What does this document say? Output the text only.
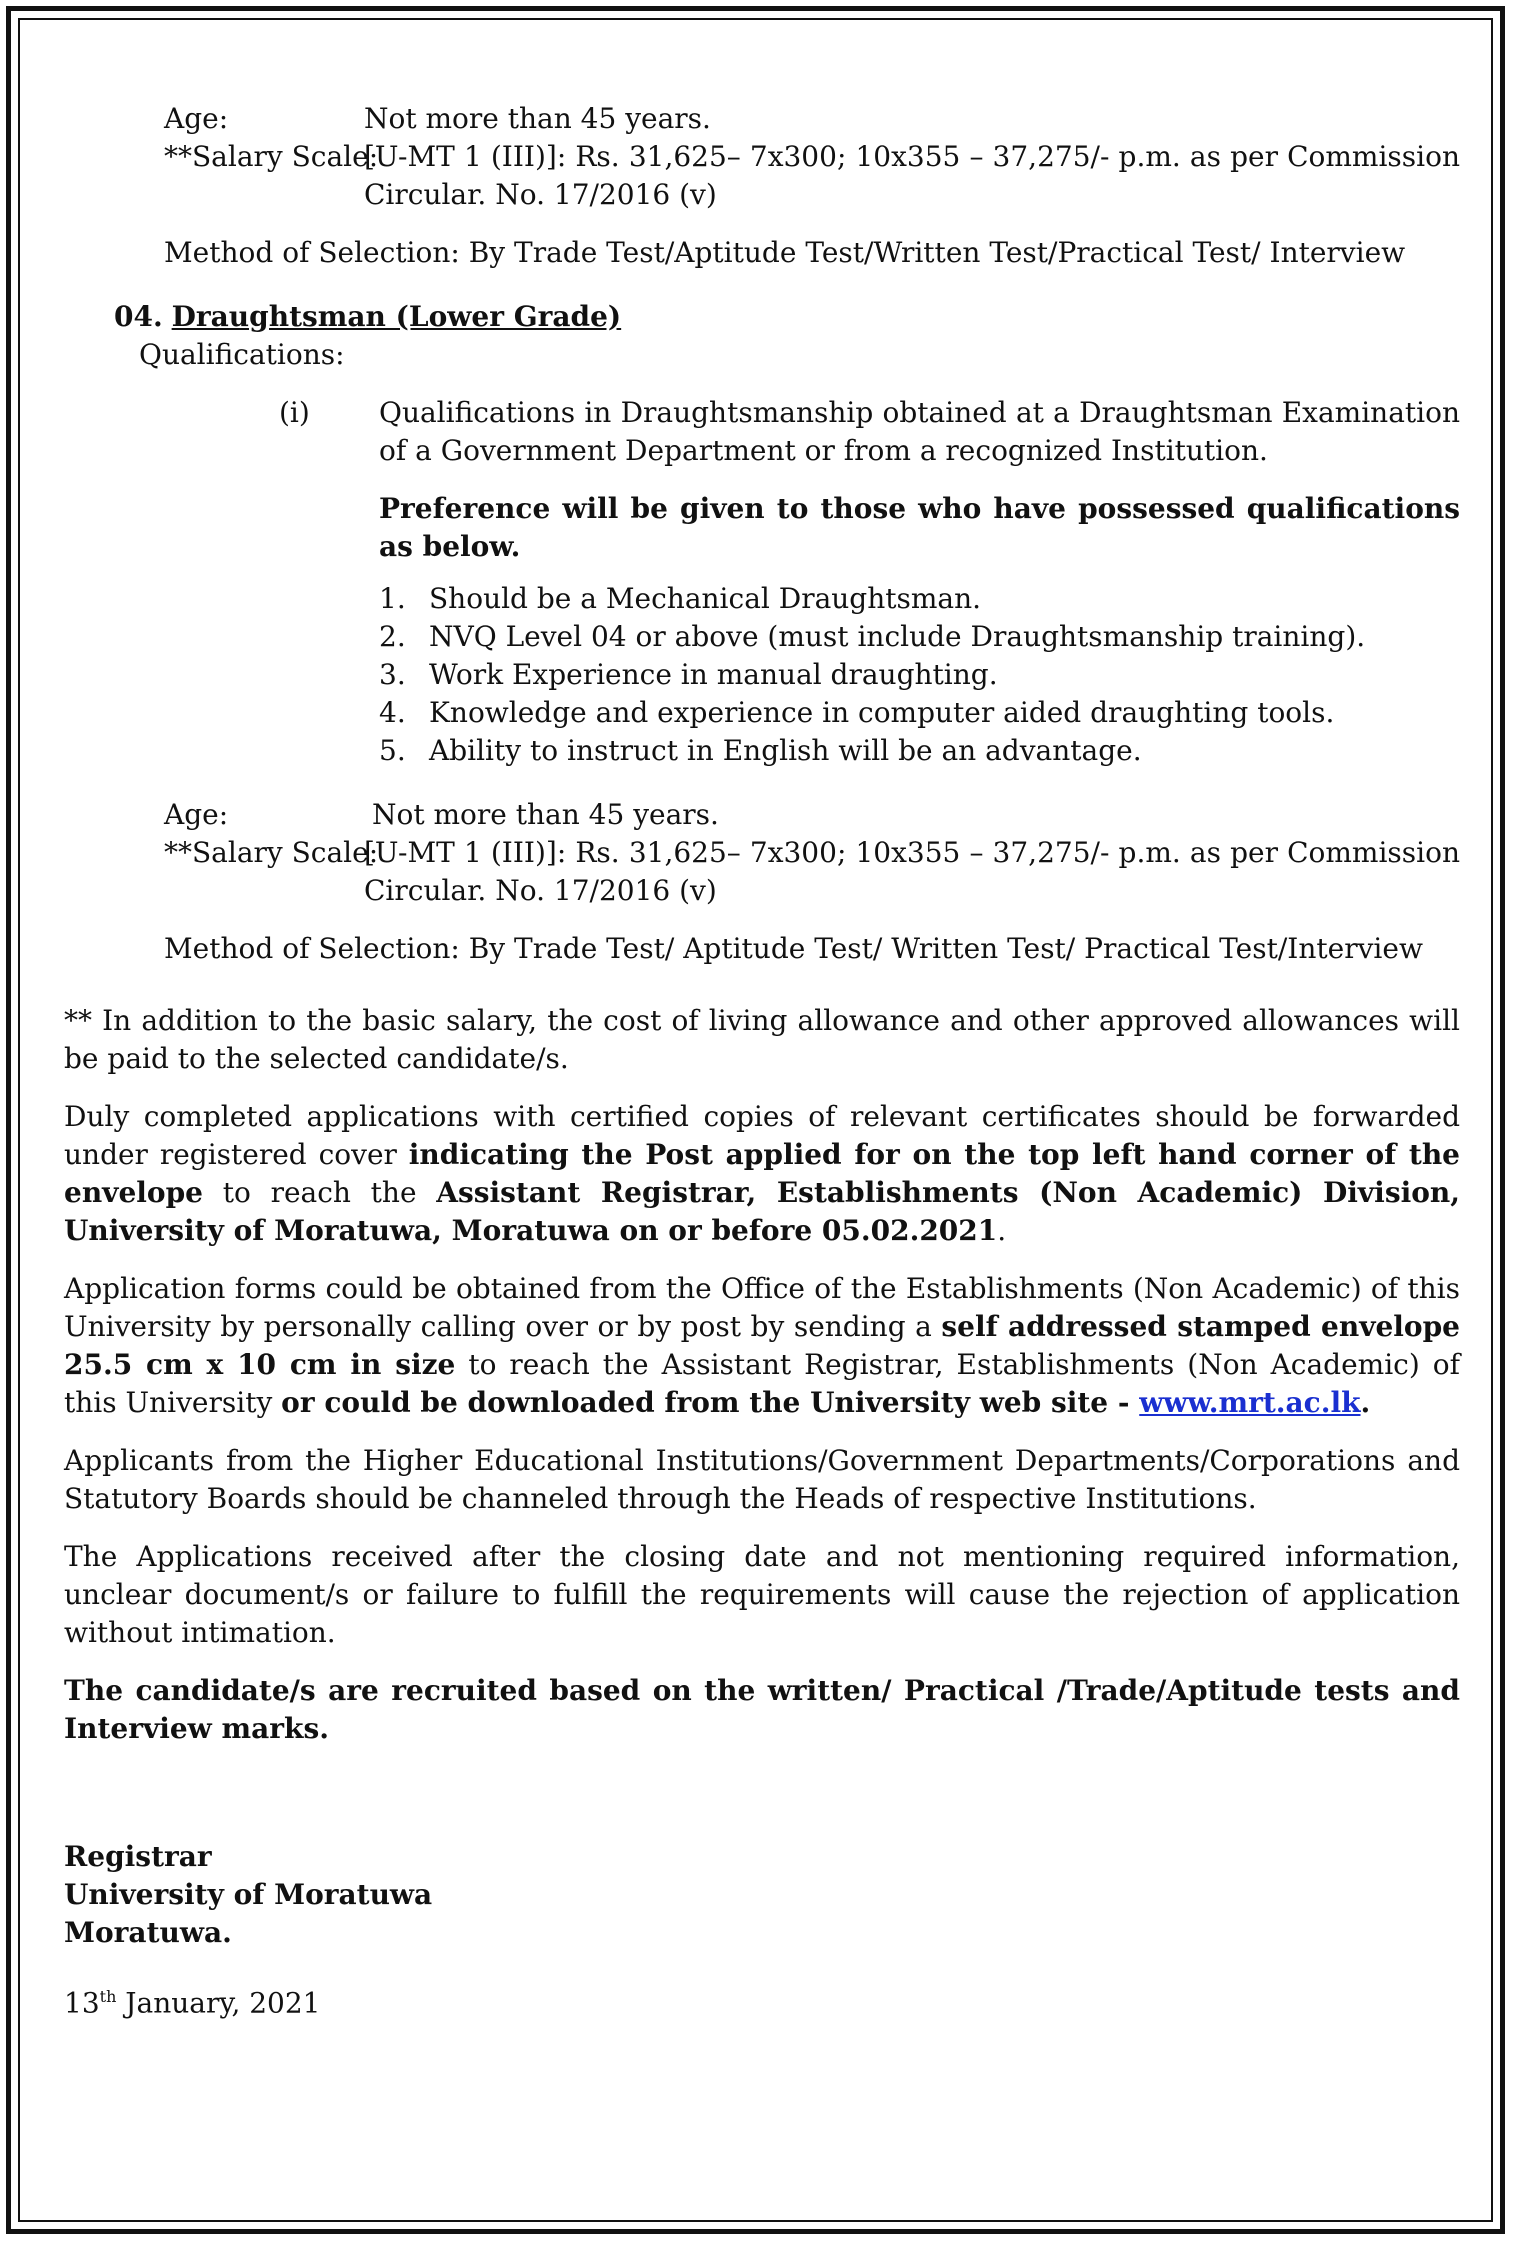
Age:	Not more than 45 years.
**Salary Scale:
[U-MT 1 (III)]: Rs. 31,625– 7x300; 10x355 – 37,275/- p.m. as per Commission Circular. No. 17/2016 (v)
Method of Selection: By Trade Test/Aptitude Test/Written Test/Practical Test/ Interview
04. Draughtsman (Lower Grade)
Qualifications:
(i)	Qualifications in Draughtsmanship obtained at a Draughtsman Examination of a Government Department or from a recognized Institution.
Preference will be given to those who have possessed qualifications as below.
1. Should be a Mechanical Draughtsman.
2. NVQ Level 04 or above (must include Draughtsmanship training).
3. Work Experience in manual draughting.
4. Knowledge and experience in computer aided draughting tools.
5. Ability to instruct in English will be an advantage.
Age:	Not more than 45 years.
**Salary Scale:
[U-MT 1 (III)]: Rs. 31,625– 7x300; 10x355 – 37,275/- p.m. as per Commission Circular. No. 17/2016 (v)
Method of Selection: By Trade Test/ Aptitude Test/ Written Test/ Practical Test/Interview
** In addition to the basic salary, the cost of living allowance and other approved allowances will be paid to the selected candidate/s.
Duly completed applications with certified copies of relevant certificates should be forwarded under registered cover indicating the Post applied for on the top left hand corner of the envelope to reach the Assistant Registrar, Establishments (Non Academic) Division, University of Moratuwa, Moratuwa on or before 05.02.2021.
Application forms could be obtained from the Office of the Establishments (Non Academic) of this University by personally calling over or by post by sending a self addressed stamped envelope 25.5 cm x 10 cm in size to reach the Assistant Registrar, Establishments (Non Academic) of this University or could be downloaded from the University web site - www.mrt.ac.lk.
Applicants from the Higher Educational Institutions/Government Departments/Corporations and Statutory Boards should be channeled through the Heads of respective Institutions.
The Applications received after the closing date and not mentioning required information, unclear document/s or failure to fulfill the requirements will cause the rejection of application without intimation.
The candidate/s are recruited based on the written/ Practical /Trade/Aptitude tests and Interview marks.
Registrar
University of Moratuwa
Moratuwa.
13th January, 2021
